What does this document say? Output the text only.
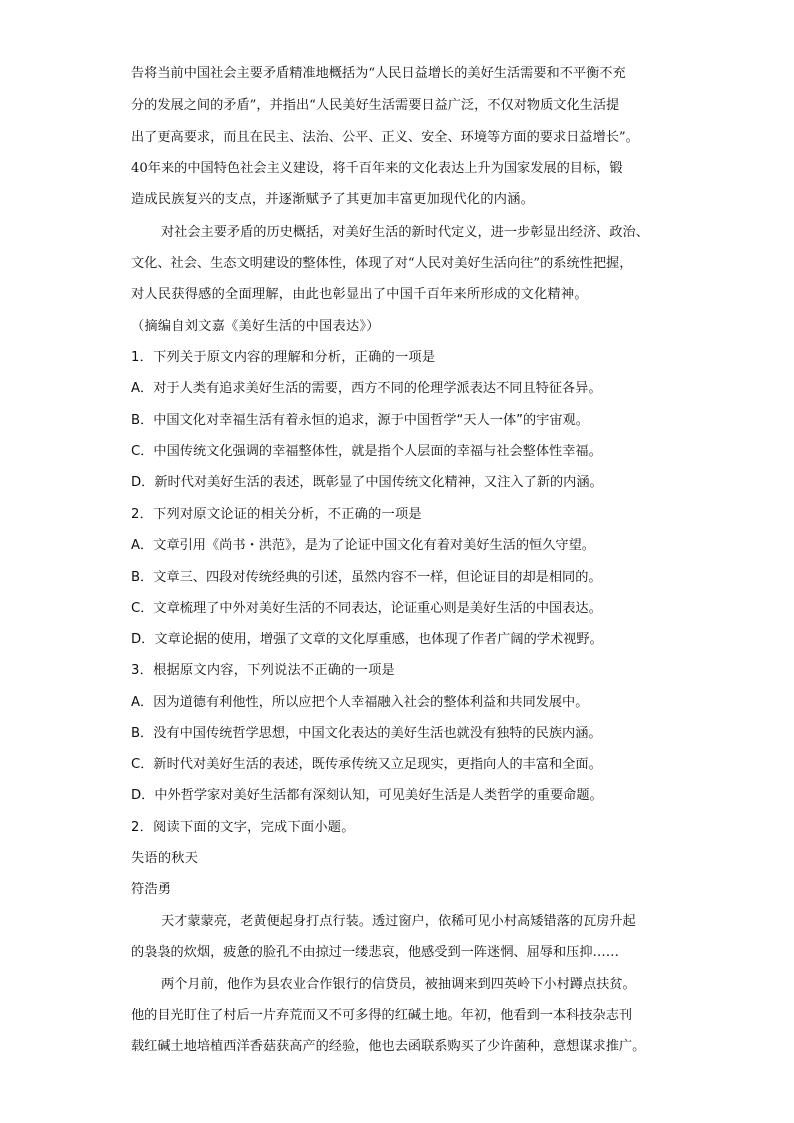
告将当前中国社会主要矛盾精准地概括为“人民日益增长的美好生活需要和不平衡不充
分的发展之间的矛盾”，并指出“人民美好生活需要日益广泛，不仅对物质文化生活提
出了更高要求，而且在民主、法治、公平、正义、安全、环境等方面的要求日益增长”。
40年来的中国特色社会主义建设，将千百年来的文化表达上升为国家发展的目标，锻
造成民族复兴的支点，并逐渐赋予了其更加丰富更加现代化的内涵。
对社会主要矛盾的历史概括，对美好生活的新时代定义，进一步彰显出经济、政治、
文化、社会、生态文明建设的整体性，体现了对“人民对美好生活向往”的系统性把握，
对人民获得感的全面理解，由此也彰显出了中国千百年来所形成的文化精神。
（摘编自刘文嘉《美好生活的中国表达》）
1．下列关于原文内容的理解和分析，正确的一项是
A．对于人类有追求美好生活的需要，西方不同的伦理学派表达不同且特征各异。
B．中国文化对幸福生活有着永恒的追求，源于中国哲学“天人一体”的宇宙观。
C．中国传统文化强调的幸福整体性，就是指个人层面的幸福与社会整体性幸福。
D．新时代对美好生活的表述，既彰显了中国传统文化精神，又注入了新的内涵。
2．下列对原文论证的相关分析，不正确的一项是
A．文章引用《尚书・洪范》，是为了论证中国文化有着对美好生活的恒久守望。
B．文章三、四段对传统经典的引述，虽然内容不一样，但论证目的却是相同的。
C．文章梳理了中外对美好生活的不同表达，论证重心则是美好生活的中国表达。
D．文章论据的使用，增强了文章的文化厚重感，也体现了作者广阔的学术视野。
3．根据原文内容，下列说法不正确的一项是
A．因为道德有利他性，所以应把个人幸福融入社会的整体利益和共同发展中。
B．没有中国传统哲学思想，中国文化表达的美好生活也就没有独特的民族内涵。
C．新时代对美好生活的表述，既传承传统又立足现实，更指向人的丰富和全面。
D．中外哲学家对美好生活都有深刻认知，可见美好生活是人类哲学的重要命题。
2．阅读下面的文字，完成下面小题。
失语的秋天
符浩勇
天才蒙蒙亮，老黄便起身打点行装。透过窗户，依稀可见小村高矮错落的瓦房升起
的袅袅的炊烟，疲惫的脸孔不由掠过一缕悲哀，他感受到一阵迷惘、屈辱和压抑……
两个月前，他作为县农业合作银行的信贷员，被抽调来到四英岭下小村蹲点扶贫。
他的目光盯住了村后一片弃荒而又不可多得的红碱土地。年初，他看到一本科技杂志刊
载红碱土地培植西洋香菇获高产的经验，他也去函联系购买了少许菌种，意想谋求推广。
